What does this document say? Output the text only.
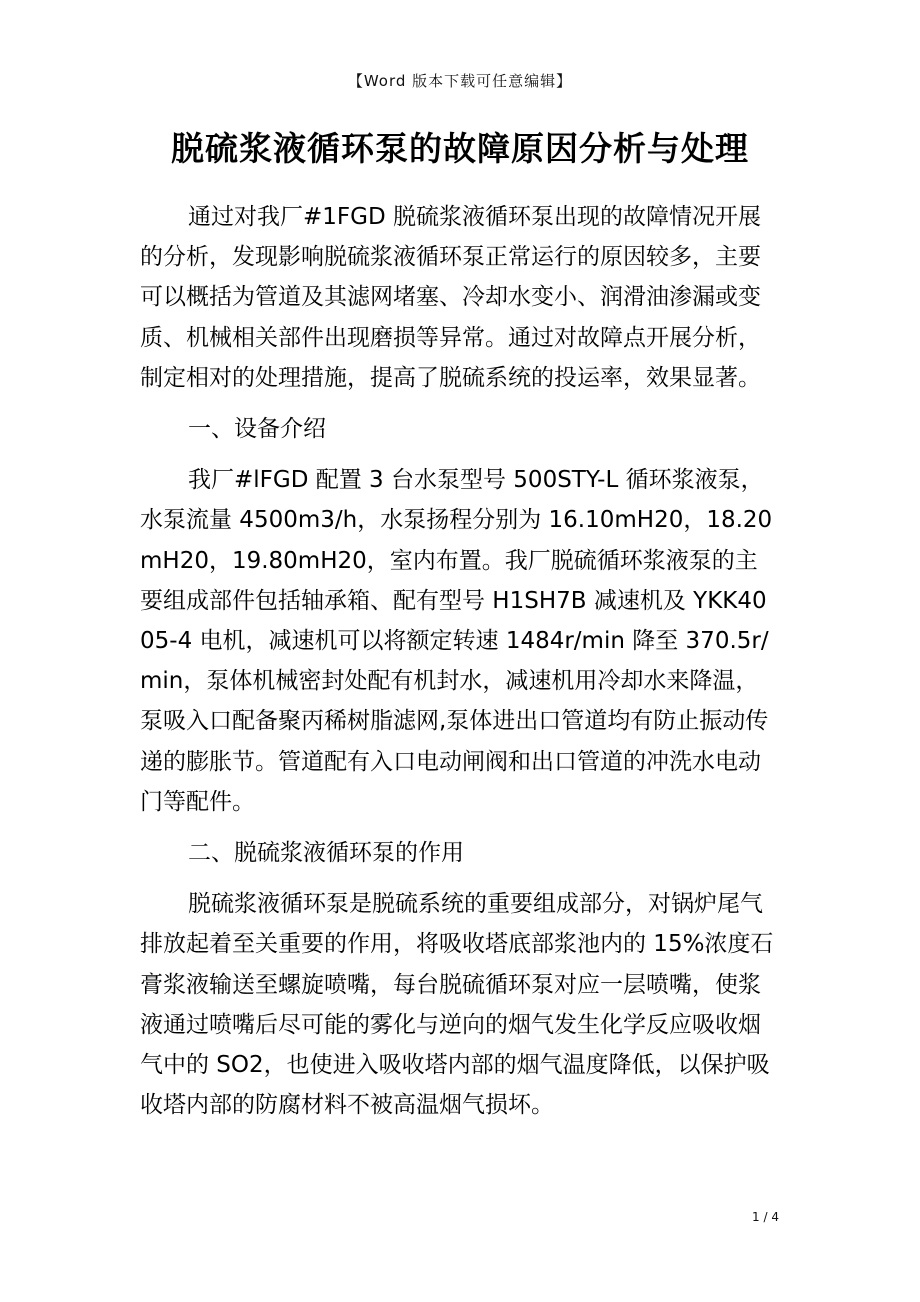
【Word 版本下载可任意编辑】
脱硫浆液循环泵的故障原因分析与处理

通过对我厂#1FGD 脱硫浆液循环泵出现的故障情况开展的分析，发现影响脱硫浆液循环泵正常运行的原因较多，主要可以概括为管道及其滤网堵塞、冷却水变小、润滑油渗漏或变质、机械相关部件出现磨损等异常。通过对故障点开展分析，制定相对的处理措施，提高了脱硫系统的投运率，效果显著。

一、设备介绍

我厂#lFGD 配置 3 台水泵型号 500STY-L 循环浆液泵，水泵流量 4500m3/h，水泵扬程分别为 16.10mH20，18.20mH20，19.80mH20，室内布置。我厂脱硫循环浆液泵的主要组成部件包括轴承箱、配有型号 H1SH7B 减速机及 YKK4005-4 电机，减速机可以将额定转速 1484r/min 降至 370.5r/min，泵体机械密封处配有机封水，减速机用冷却水来降温，泵吸入口配备聚丙稀树脂滤网,泵体进出口管道均有防止振动传递的膨胀节。管道配有入口电动闸阀和出口管道的冲洗水电动门等配件。

二、脱硫浆液循环泵的作用

脱硫浆液循环泵是脱硫系统的重要组成部分，对锅炉尾气排放起着至关重要的作用，将吸收塔底部浆池内的 15%浓度石膏浆液输送至螺旋喷嘴，每台脱硫循环泵对应一层喷嘴，使浆液通过喷嘴后尽可能的雾化与逆向的烟气发生化学反应吸收烟气中的 SO2，也使进入吸收塔内部的烟气温度降低，以保护吸收塔内部的防腐材料不被高温烟气损坏。

1 / 4
